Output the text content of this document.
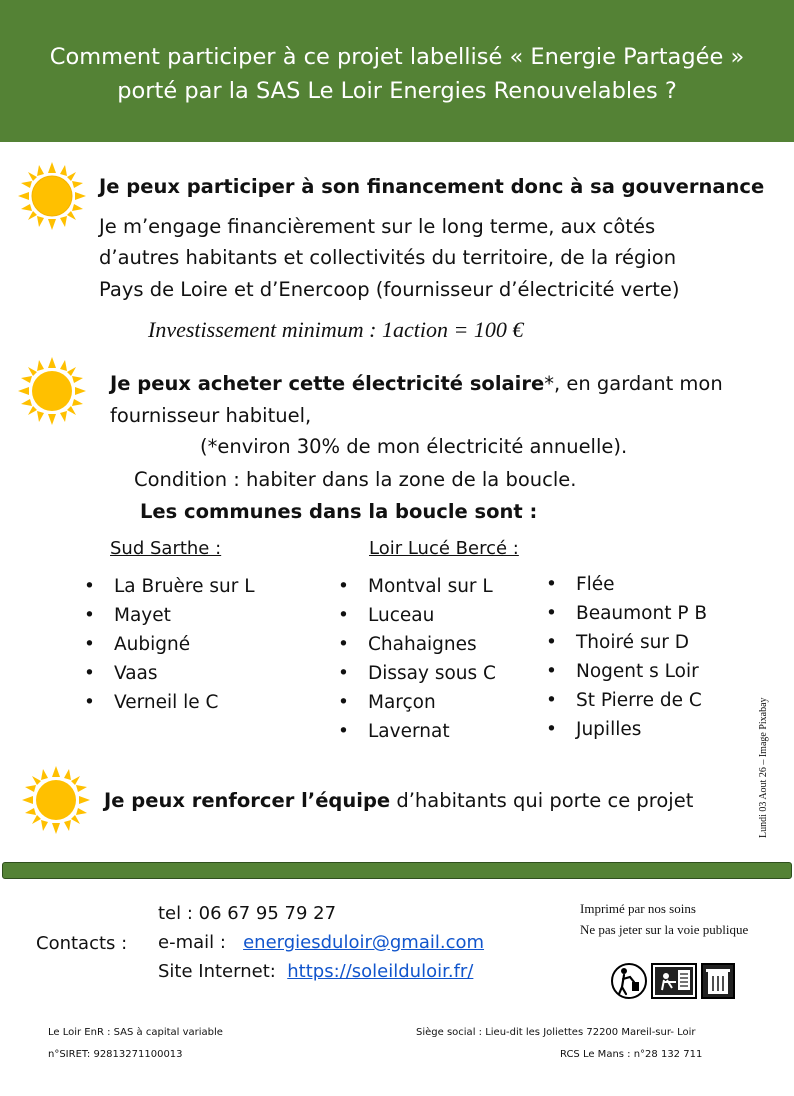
Comment participer à ce projet labellisé « Energie Partagée »
porté par la SAS Le Loir Energies Renouvelables ?
Je peux participer à son financement donc à sa gouvernance
Je m’engage financièrement sur le long terme, aux côtés
d’autres habitants et collectivités du territoire, de la région
Pays de Loire et d’Enercoop (fournisseur d’électricité verte)
Investissement minimum : 1action = 100 €
Je peux acheter cette électricité solaire*, en gardant mon
fournisseur habituel,
(*environ 30% de mon électricité annuelle).
Condition : habiter dans la zone de la boucle.
Les communes dans la boucle sont :
Sud Sarthe :	Loir Lucé Bercé :
• La Bruère sur L
• Mayet
• Aubigné
• Vaas
• Verneil le C
• Montval sur L
• Luceau
• Chahaignes
• Dissay sous C
• Marçon
• Lavernat
• Flée
• Beaumont P B
• Thoiré sur D
• Nogent s Loir
• St Pierre de C
• Jupilles	Lundi 03 Aout 26 – Image Pixabay
Je peux renforcer l’équipe d’habitants qui porte ce projet
Contacts :
tel : 06 67 95 79 27
e-mail :   energiesduloir@gmail.com
Site Internet:  https://soleilduloir.fr/
Imprimé par nos soins
Ne pas jeter sur la voie publique
Le Loir EnR : SAS à capital variable
n°SIRET: 92813271100013
Siège social : Lieu-dit les Joliettes 72200 Mareil-sur- Loir
RCS Le Mans : n°28 132 711
